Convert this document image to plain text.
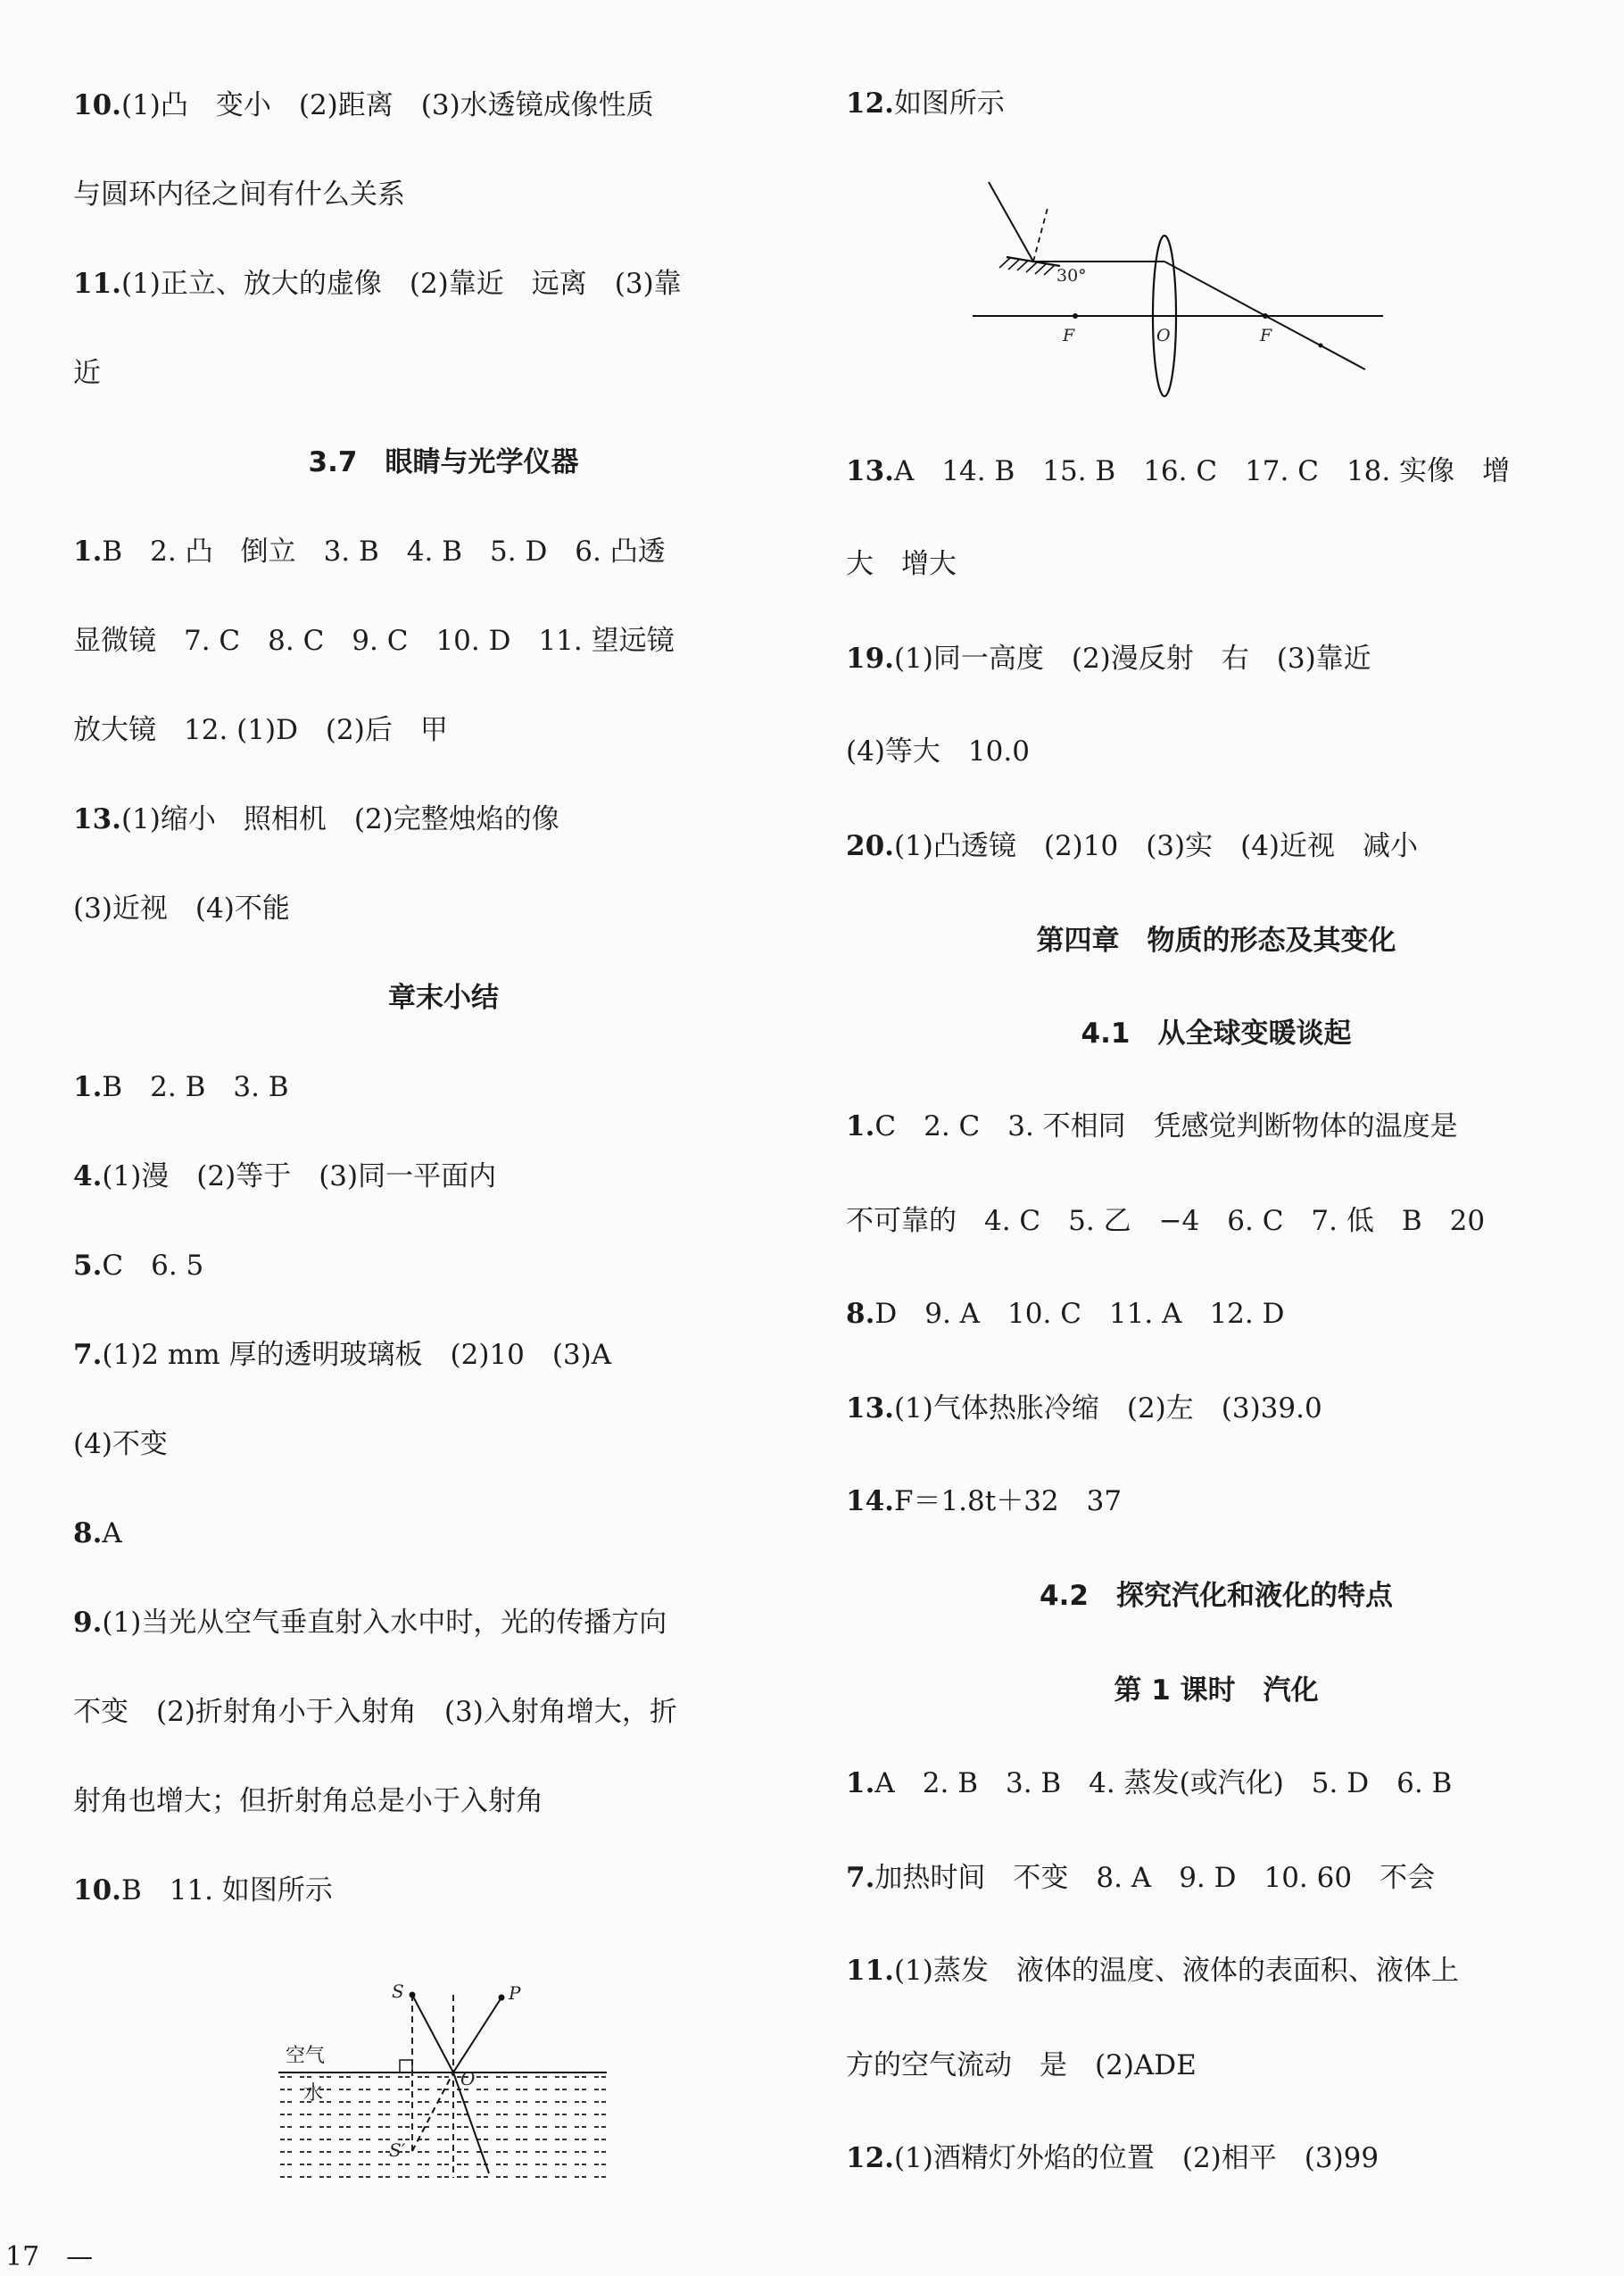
10.(1)凸　变小　(2)距离　(3)水透镜成像性质
与圆环内径之间有什么关系
11.(1)正立、放大的虚像　(2)靠近　远离　(3)靠
近
3.7　眼睛与光学仪器
1.B　2. 凸　倒立　3. B　4. B　5. D　6. 凸透
显微镜　7. C　8. C　9. C　10. D　11. 望远镜
放大镜　12. (1)D　(2)后　甲
13.(1)缩小　照相机　(2)完整烛焰的像
(3)近视　(4)不能
章末小结
1.B　2. B　3. B
4.(1)漫　(2)等于　(3)同一平面内
5.C　6. 5
7.(1)2 mm 厚的透明玻璃板　(2)10　(3)A
(4)不变
8.A
9.(1)当光从空气垂直射入水中时，光的传播方向
不变　(2)折射角小于入射角　(3)入射角增大，折
射角也增大；但折射角总是小于入射角
10.B　11. 如图所示
S	P
空气
水
O
S′
12.如图所示
30°
F	O	F
13.A　14. B　15. B　16. C　17. C　18. 实像　增
大　增大
19.(1)同一高度　(2)漫反射　右　(3)靠近
(4)等大　10.0
20.(1)凸透镜　(2)10　(3)实　(4)近视　减小
第四章　物质的形态及其变化
4.1　从全球变暖谈起
1.C　2. C　3. 不相同　凭感觉判断物体的温度是
不可靠的　4. C　5. 乙　−4　6. C　7. 低　B　20
8.D　9. A　10. C　11. A　12. D
13.(1)气体热胀冷缩　(2)左　(3)39.0
14.F＝1.8t＋32　37
4.2　探究汽化和液化的特点
第 1 课时　汽化
1.A　2. B　3. B　4. 蒸发(或汽化)　5. D　6. B
7.加热时间　不变　8. A　9. D　10. 60　不会
11.(1)蒸发　液体的温度、液体的表面积、液体上
方的空气流动　是　(2)ADE
12.(1)酒精灯外焰的位置　(2)相平　(3)99
17　—
